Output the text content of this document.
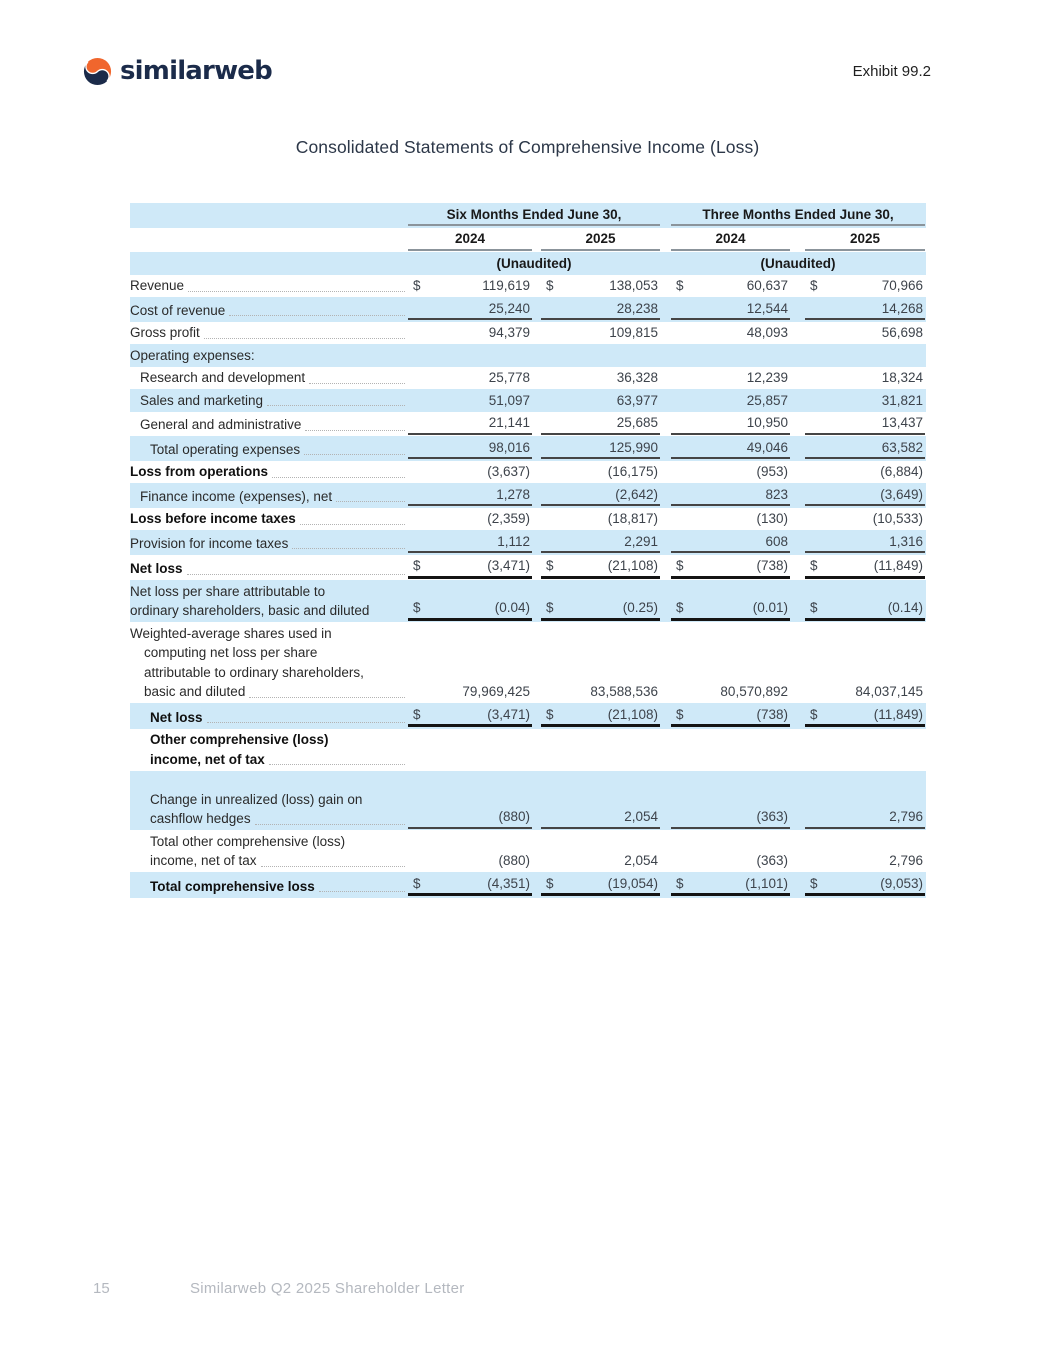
similarweb	Exhibit 99.2
Consolidated Statements of Comprehensive Income (Loss)
Six Months Ended June 30,	Three Months Ended June 30,
2024	2025	2024	2025
(Unaudited)	(Unaudited)
Revenue	$	119,619	$	138,053	$	60,637	$	70,966
Cost of revenue	25,240	28,238	12,544	14,268
Gross profit	94,379	109,815	48,093	56,698
Operating expenses:
Research and development	25,778	36,328	12,239	18,324
Sales and marketing	51,097	63,977	25,857	31,821
General and administrative	21,141	25,685	10,950	13,437
Total operating expenses	98,016	125,990	49,046	63,582
Loss from operations	(3,637)	(16,175)	(953)	(6,884)
Finance income (expenses), net	1,278	(2,642)	823	(3,649)
Loss before income taxes	(2,359)	(18,817)	(130)	(10,533)
Provision for income taxes	1,112	2,291	608	1,316
Net loss	$	(3,471)	$	(21,108)	$	(738)	$	(11,849)
Net loss per share attributable to
ordinary shareholders, basic and diluted	$	(0.04)	$	(0.25)	$	(0.01)	$	(0.14)
Weighted-average shares used in
computing net loss per share
attributable to ordinary shareholders,
basic and diluted	79,969,425	83,588,536	80,570,892	84,037,145
Net loss	$	(3,471)	$	(21,108)	$	(738)	$	(11,849)
Other comprehensive (loss)
income, net of tax
Change in unrealized (loss) gain on
cashflow hedges	(880)	2,054	(363)	2,796
Total other comprehensive (loss)
income, net of tax	(880)	2,054	(363)	2,796
Total comprehensive loss	$	(4,351)	$	(19,054)	$	(1,101)	$	(9,053)
15	Similarweb Q2 2025 Shareholder Letter
